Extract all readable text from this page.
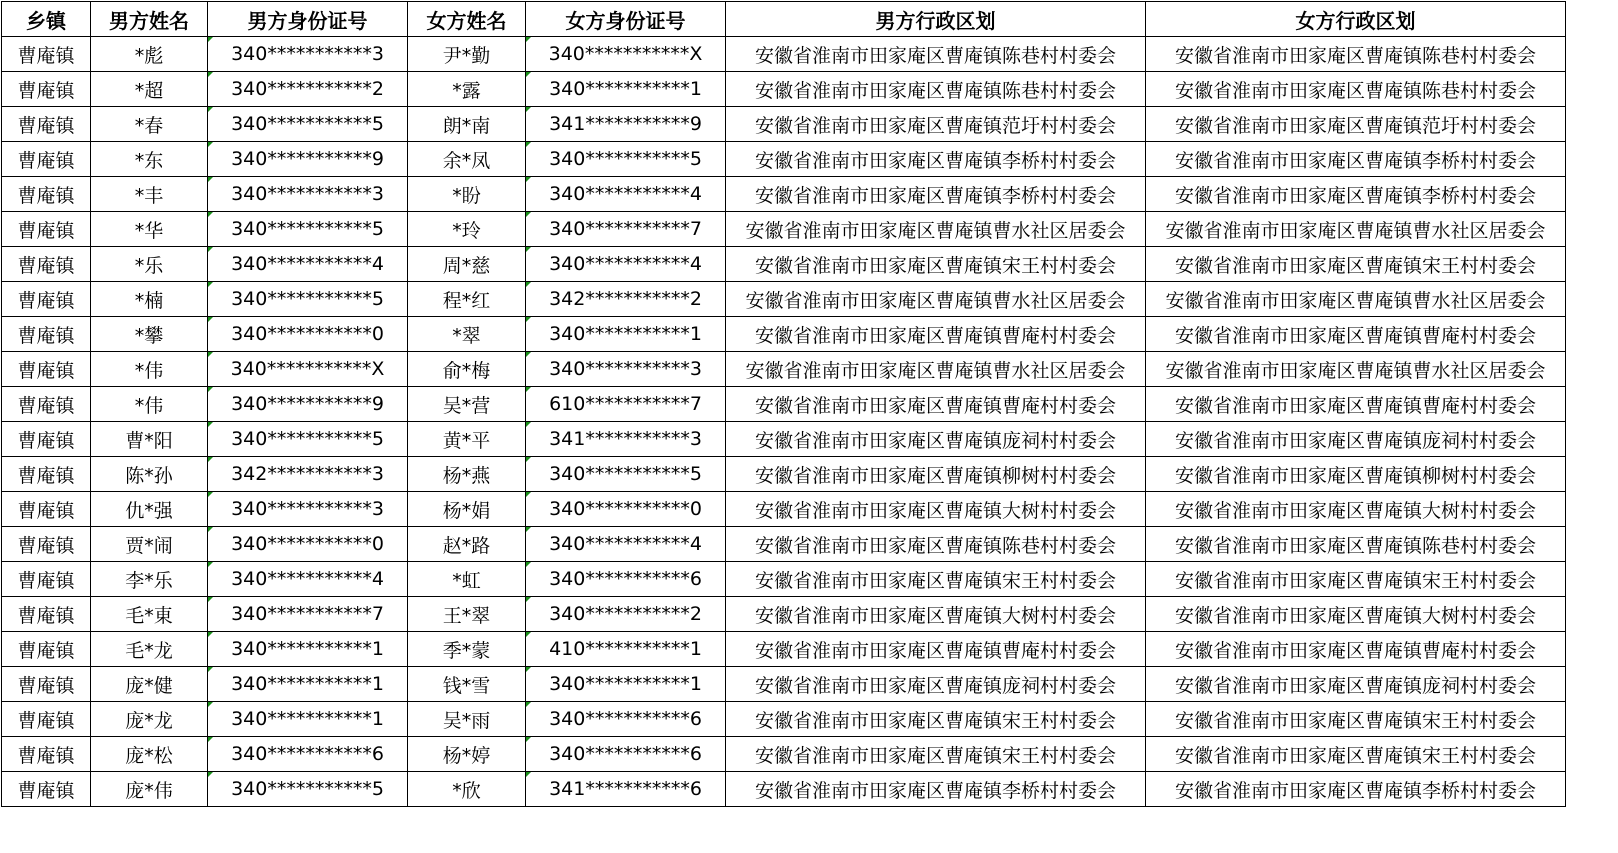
乡镇	男方姓名	男方身份证号	女方姓名	女方身份证号	男方行政区划	女方行政区划
曹庵镇	*彪	340***********3	尹*勤	340***********X	安徽省淮南市田家庵区曹庵镇陈巷村村委会	安徽省淮南市田家庵区曹庵镇陈巷村村委会
曹庵镇	*超	340***********2	*露	340***********1	安徽省淮南市田家庵区曹庵镇陈巷村村委会	安徽省淮南市田家庵区曹庵镇陈巷村村委会
曹庵镇	*春	340***********5	朗*南	341***********9	安徽省淮南市田家庵区曹庵镇范圩村村委会	安徽省淮南市田家庵区曹庵镇范圩村村委会
曹庵镇	*东	340***********9	余*凤	340***********5	安徽省淮南市田家庵区曹庵镇李桥村村委会	安徽省淮南市田家庵区曹庵镇李桥村村委会
曹庵镇	*丰	340***********3	*盼	340***********4	安徽省淮南市田家庵区曹庵镇李桥村村委会	安徽省淮南市田家庵区曹庵镇李桥村村委会
曹庵镇	*华	340***********5	*玲	340***********7	安徽省淮南市田家庵区曹庵镇曹水社区居委会	安徽省淮南市田家庵区曹庵镇曹水社区居委会
曹庵镇	*乐	340***********4	周*慈	340***********4	安徽省淮南市田家庵区曹庵镇宋王村村委会	安徽省淮南市田家庵区曹庵镇宋王村村委会
曹庵镇	*楠	340***********5	程*红	342***********2	安徽省淮南市田家庵区曹庵镇曹水社区居委会	安徽省淮南市田家庵区曹庵镇曹水社区居委会
曹庵镇	*攀	340***********0	*翠	340***********1	安徽省淮南市田家庵区曹庵镇曹庵村村委会	安徽省淮南市田家庵区曹庵镇曹庵村村委会
曹庵镇	*伟	340***********X	俞*梅	340***********3	安徽省淮南市田家庵区曹庵镇曹水社区居委会	安徽省淮南市田家庵区曹庵镇曹水社区居委会
曹庵镇	*伟	340***********9	吴*营	610***********7	安徽省淮南市田家庵区曹庵镇曹庵村村委会	安徽省淮南市田家庵区曹庵镇曹庵村村委会
曹庵镇	曹*阳	340***********5	黄*平	341***********3	安徽省淮南市田家庵区曹庵镇庞祠村村委会	安徽省淮南市田家庵区曹庵镇庞祠村村委会
曹庵镇	陈*孙	342***********3	杨*燕	340***********5	安徽省淮南市田家庵区曹庵镇柳树村村委会	安徽省淮南市田家庵区曹庵镇柳树村村委会
曹庵镇	仇*强	340***********3	杨*娟	340***********0	安徽省淮南市田家庵区曹庵镇大树村村委会	安徽省淮南市田家庵区曹庵镇大树村村委会
曹庵镇	贾*闹	340***********0	赵*路	340***********4	安徽省淮南市田家庵区曹庵镇陈巷村村委会	安徽省淮南市田家庵区曹庵镇陈巷村村委会
曹庵镇	李*乐	340***********4	*虹	340***********6	安徽省淮南市田家庵区曹庵镇宋王村村委会	安徽省淮南市田家庵区曹庵镇宋王村村委会
曹庵镇	毛*東	340***********7	王*翠	340***********2	安徽省淮南市田家庵区曹庵镇大树村村委会	安徽省淮南市田家庵区曹庵镇大树村村委会
曹庵镇	毛*龙	340***********1	季*蒙	410***********1	安徽省淮南市田家庵区曹庵镇曹庵村村委会	安徽省淮南市田家庵区曹庵镇曹庵村村委会
曹庵镇	庞*健	340***********1	钱*雪	340***********1	安徽省淮南市田家庵区曹庵镇庞祠村村委会	安徽省淮南市田家庵区曹庵镇庞祠村村委会
曹庵镇	庞*龙	340***********1	吴*雨	340***********6	安徽省淮南市田家庵区曹庵镇宋王村村委会	安徽省淮南市田家庵区曹庵镇宋王村村委会
曹庵镇	庞*松	340***********6	杨*婷	340***********6	安徽省淮南市田家庵区曹庵镇宋王村村委会	安徽省淮南市田家庵区曹庵镇宋王村村委会
曹庵镇	庞*伟	340***********5	*欣	341***********6	安徽省淮南市田家庵区曹庵镇李桥村村委会	安徽省淮南市田家庵区曹庵镇李桥村村委会
